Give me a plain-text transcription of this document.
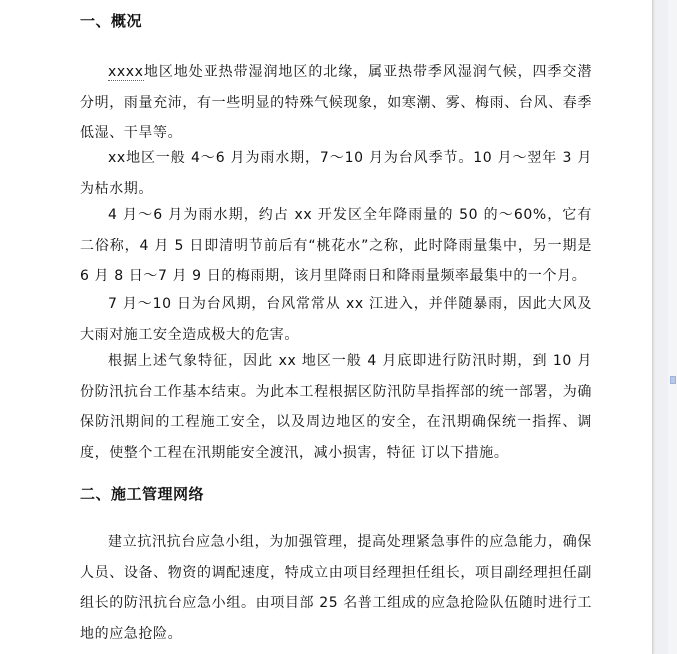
一、概况
xxxx地区地处亚热带湿润地区的北缘，属亚热带季风湿润气候，四季交潜分明，雨量充沛，有一些明显的特殊气候现象，如寒潮、雾、梅雨、台风、春季低湿、干旱等。
xx地区一般 4～6 月为雨水期，7～10 月为台风季节。10 月～翌年 3 月为枯水期。
4 月～6 月为雨水期，约占 xx 开发区全年降雨量的 50 的～60%，它有二俗称，4 月 5 日即清明节前后有“桃花水”之称，此时降雨量集中，另一期是 6 月 8 日～7 月 9 日的梅雨期，该月里降雨日和降雨量频率最集中的一个月。
7 月～10 日为台风期，台风常常从 xx 江进入，并伴随暴雨，因此大风及大雨对施工安全造成极大的危害。
根据上述气象特征，因此 xx 地区一般 4 月底即进行防汛时期，到 10 月份防汛抗台工作基本结束。为此本工程根据区防汛防旱指挥部的统一部署，为确保防汛期间的工程施工安全，以及周边地区的安全，在汛期确保统一指挥、调度，使整个工程在汛期能安全渡汛，减小损害，特征 订以下措施。
二、施工管理网络
建立抗汛抗台应急小组，为加强管理，提高处理紧急事件的应急能力，确保人员、设备、物资的调配速度，特成立由项目经理担任组长，项目副经理担任副组长的防汛抗台应急小组。由项目部 25 名普工组成的应急抢险队伍随时进行工地的应急抢险。
